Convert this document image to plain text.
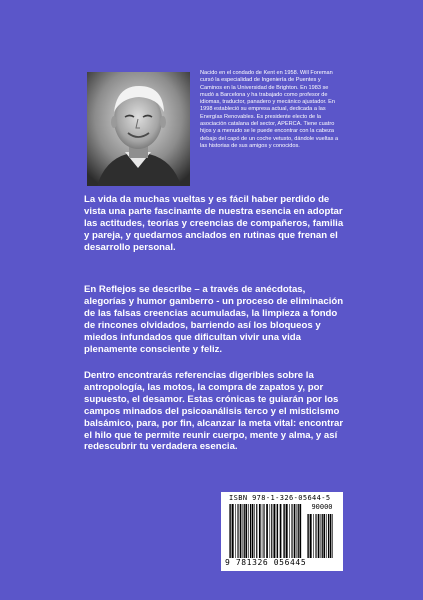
Nacido en el condado de Kent en 1958. Will Foreman cursó la especialidad de Ingeniería de Puentes y Caminos en la Universidad de Brighton. En 1983 se mudó a Barcelona y ha trabajado como profesor de idiomas, traductor, panadero y mecánico ajustador. En 1998 estableció su empresa actual, dedicada a las Energías Renovables. Es presidente electo de la asociación catalana del sector, APERCA. Tiene cuatro hijos y a menudo se le puede encontrar con la cabeza debajo del capó de un coche vetusto, dándole vueltas a las historias de sus amigos y conocidos.
La vida da muchas vueltas y es fácil haber perdido de vista una parte fascinante de nuestra esencia en adoptar las actitudes, teorías y creencias de compañeros, familia y pareja, y quedarnos anclados en rutinas que frenan el desarrollo personal.
En Reflejos se describe – a través de anécdotas, alegorías y humor gamberro - un proceso de eliminación de las falsas creencias acumuladas, la limpieza a fondo de rincones olvidados, barriendo así los bloqueos y miedos infundados que dificultan vivir una vida plenamente consciente y feliz.
Dentro encontrarás referencias digeribles sobre la antropología, las motos, la compra de zapatos y, por supuesto, el desamor. Estas crónicas te guiarán por los campos minados del psicoanálisis terco y el misticismo balsámico, para, por fin, alcanzar la meta vital: encontrar el hilo que te permite reunir cuerpo, mente y alma, y así redescubrir tu verdadera esencia.
ISBN 978-1-326-05644-5
90000
9 781326 056445
